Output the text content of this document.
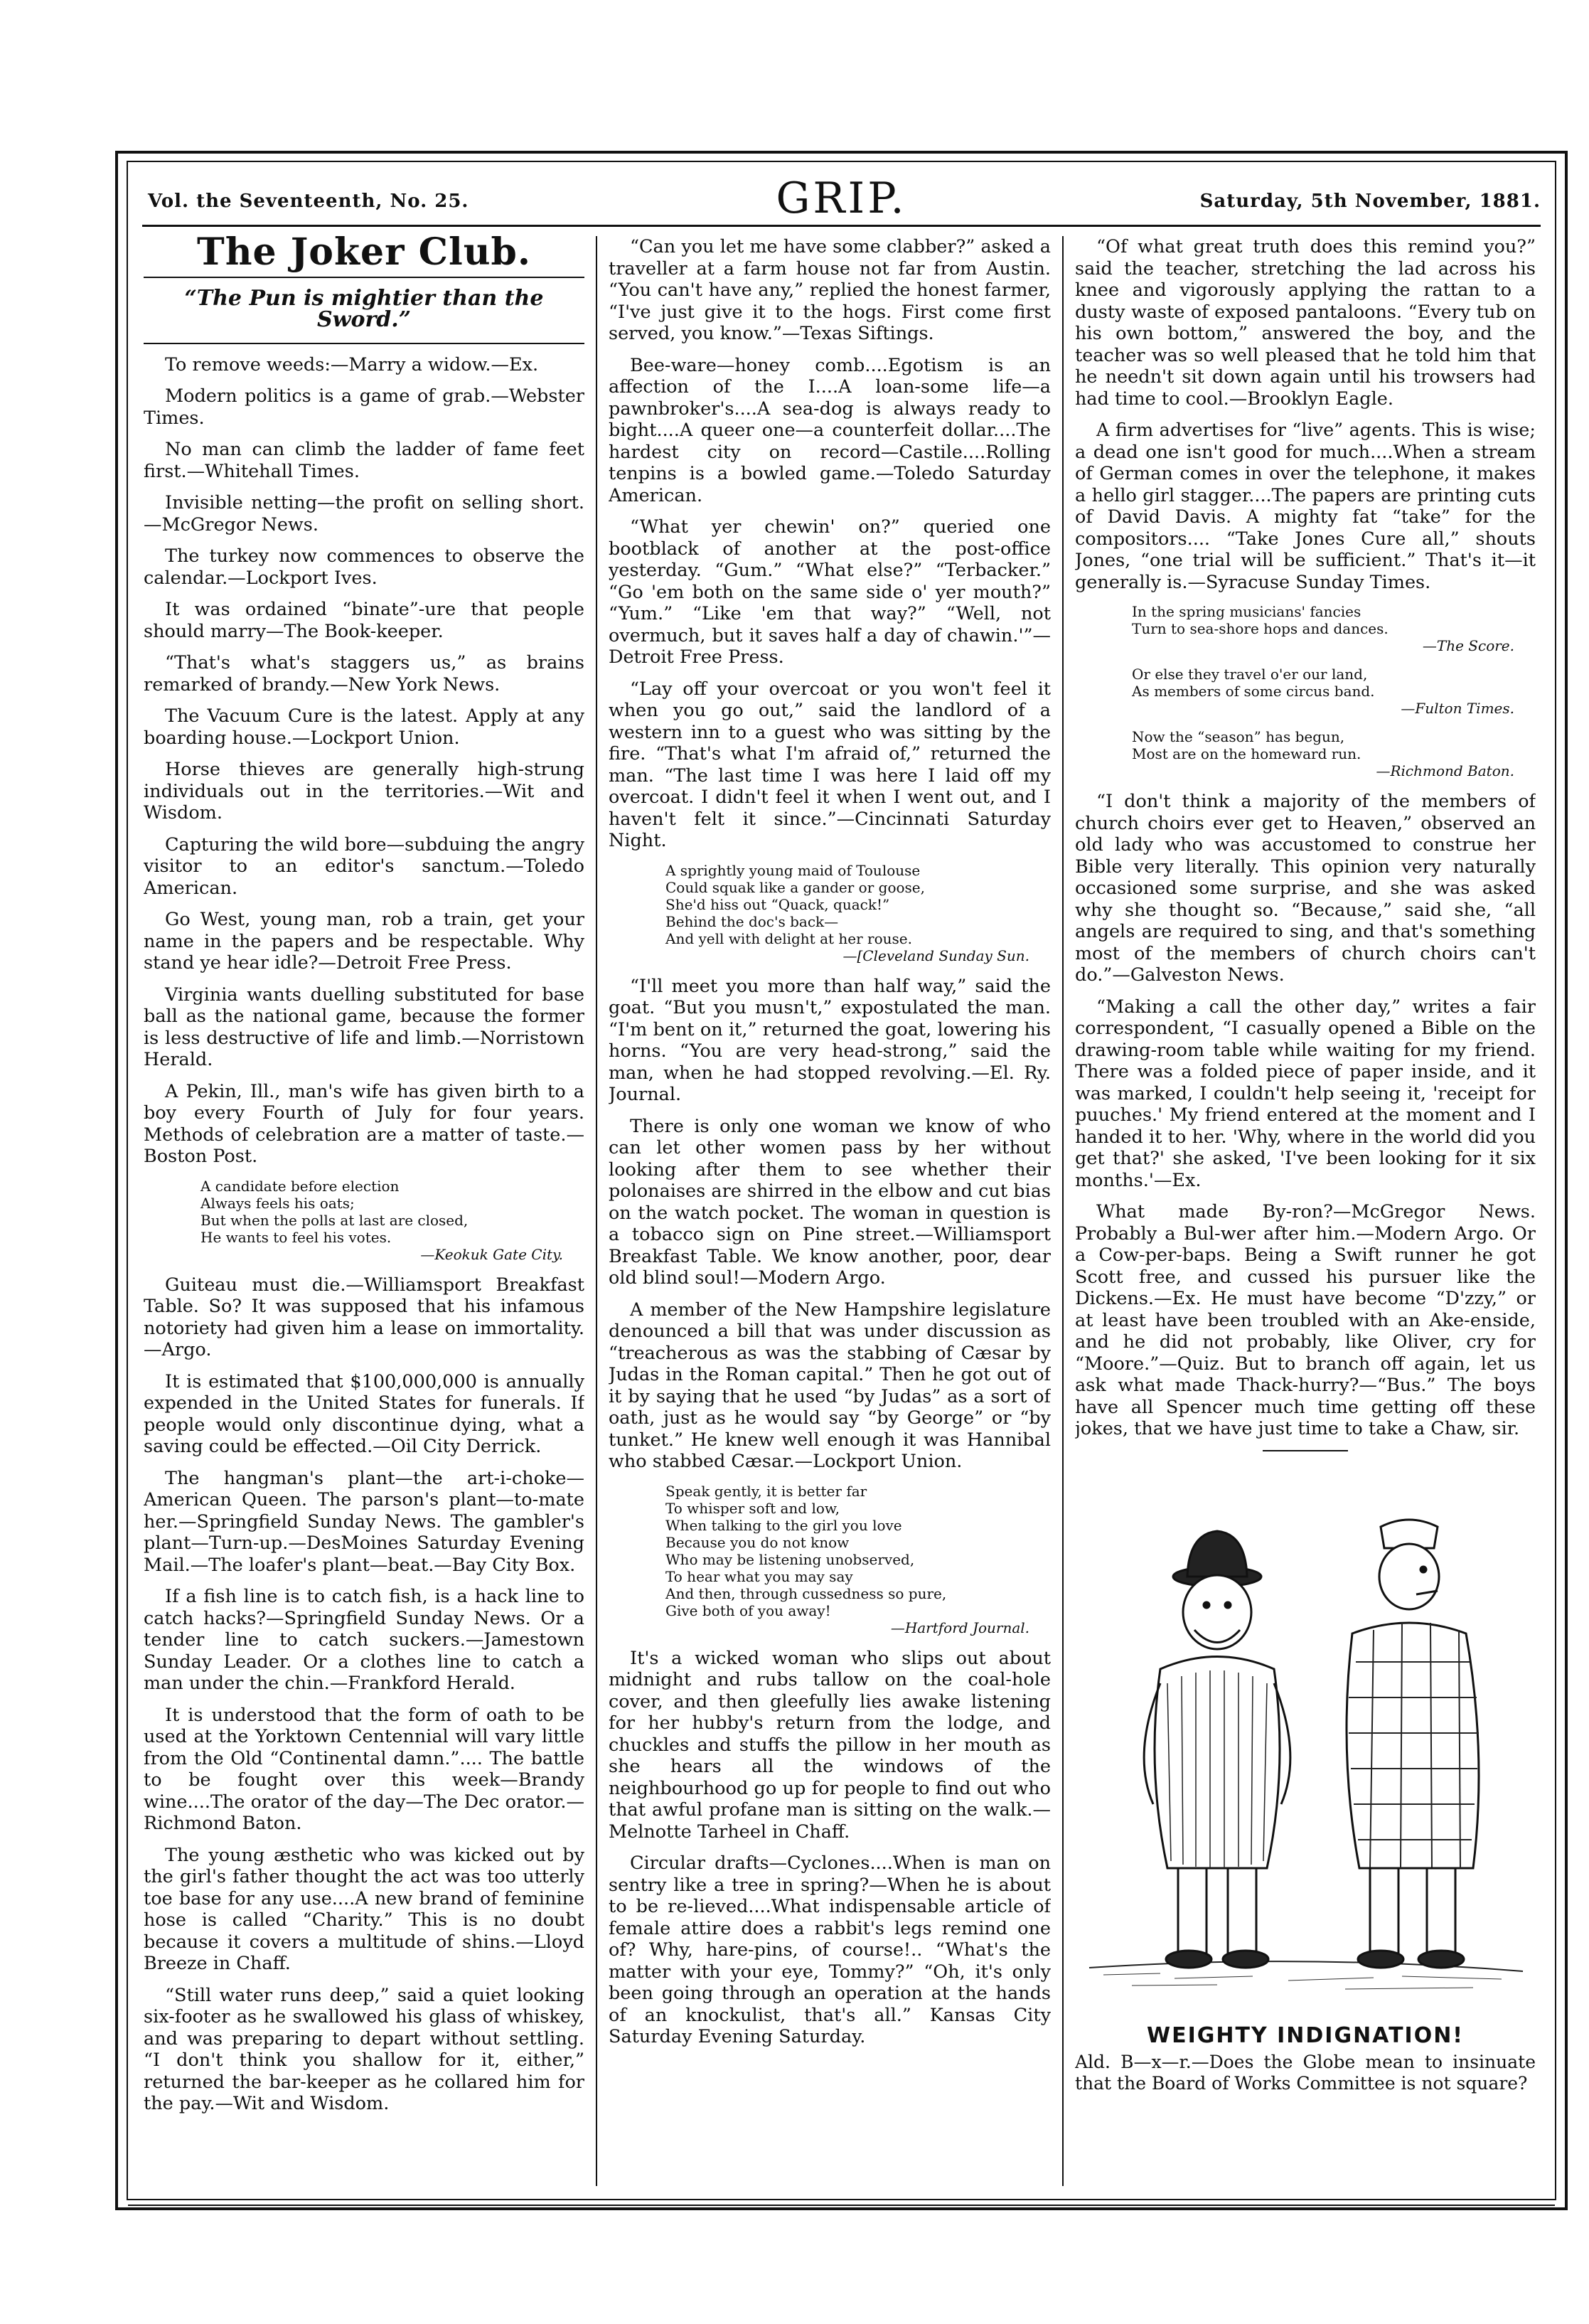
Vol. the Seventeenth, No. 25.	GRIP.	Saturday, 5th November, 1881.
The Joker Club.
“The Pun is mightier than the Sword.”

To remove weeds:—Marry a widow.—Ex.

Modern politics is a game of grab.—Webster Times.

No man can climb the ladder of fame feet first.—Whitehall Times.

Invisible netting—the profit on selling short.—McGregor News.

The turkey now commences to observe the calendar.—Lockport Ives.

It was ordained “binate”-ure that people should marry—The Book-keeper.

“That's what's staggers us,” as brains remarked of brandy.—New York News.

The Vacuum Cure is the latest. Apply at any boarding house.—Lockport Union.

Horse thieves are generally high-strung individuals out in the territories.—Wit and Wisdom.

Capturing the wild bore—subduing the angry visitor to an editor's sanctum.—Toledo American.

Go West, young man, rob a train, get your name in the papers and be respectable. Why stand ye hear idle?—Detroit Free Press.

Virginia wants duelling substituted for base ball as the national game, because the former is less destructive of life and limb.—Norristown Herald.

A Pekin, Ill., man's wife has given birth to a boy every Fourth of July for four years. Methods of celebration are a matter of taste.—Boston Post.

A candidate before election
Always feels his oats;
But when the polls at last are closed,
He wants to feel his votes.
—Keokuk Gate City.

Guiteau must die.—Williamsport Breakfast Table. So? It was supposed that his infamous notoriety had given him a lease on immortality.—Argo.

It is estimated that $100,000,000 is annually expended in the United States for funerals. If people would only discontinue dying, what a saving could be effected.—Oil City Derrick.

The hangman's plant—the art-i-choke—American Queen. The parson's plant—to-mate her.—Springfield Sunday News. The gambler's plant—Turn-up.—DesMoines Saturday Evening Mail.—The loafer's plant—beat.—Bay City Box.

If a fish line is to catch fish, is a hack line to catch hacks?—Springfield Sunday News. Or a tender line to catch suckers.—Jamestown Sunday Leader. Or a clothes line to catch a man under the chin.—Frankford Herald.

It is understood that the form of oath to be used at the Yorktown Centennial will vary little from the Old “Continental damn.”.... The battle to be fought over this week—Brandy wine....The orator of the day—The Dec orator.—Richmond Baton.

The young æsthetic who was kicked out by the girl's father thought the act was too utterly toe base for any use....A new brand of feminine hose is called “Charity.” This is no doubt because it covers a multitude of shins.—Lloyd Breeze in Chaff.

“Still water runs deep,” said a quiet looking six-footer as he swallowed his glass of whiskey, and was preparing to depart without settling. “I don't think you shallow for it, either,” returned the bar-keeper as he collared him for the pay.—Wit and Wisdom.

“Can you let me have some clabber?” asked a traveller at a farm house not far from Austin. “You can't have any,” replied the honest farmer, “I've just give it to the hogs. First come first served, you know.”—Texas Siftings.

Bee-ware—honey comb....Egotism is an affection of the I....A loan-some life—a pawnbroker's....A sea-dog is always ready to bight....A queer one—a counterfeit dollar....The hardest city on record—Castile....Rolling tenpins is a bowled game.—Toledo Saturday American.

“What yer chewin' on?” queried one bootblack of another at the post-office yesterday. “Gum.” “What else?” “Terbacker.” “Go 'em both on the same side o' yer mouth?” “Yum.” “Like 'em that way?” “Well, not overmuch, but it saves half a day of chawin.'”—Detroit Free Press.

“Lay off your overcoat or you won't feel it when you go out,” said the landlord of a western inn to a guest who was sitting by the fire. “That's what I'm afraid of,” returned the man. “The last time I was here I laid off my overcoat. I didn't feel it when I went out, and I haven't felt it since.”—Cincinnati Saturday Night.

A sprightly young maid of Toulouse
Could squak like a gander or goose,
She'd hiss out “Quack, quack!”
Behind the doc's back—
And yell with delight at her rouse.
—[Cleveland Sunday Sun.

“I'll meet you more than half way,” said the goat. “But you musn't,” expostulated the man. “I'm bent on it,” returned the goat, lowering his horns. “You are very head-strong,” said the man, when he had stopped revolving.—El. Ry. Journal.

There is only one woman we know of who can let other women pass by her without looking after them to see whether their polonaises are shirred in the elbow and cut bias on the watch pocket. The woman in question is a tobacco sign on Pine street.—Williamsport Breakfast Table. We know another, poor, dear old blind soul!—Modern Argo.

A member of the New Hampshire legislature denounced a bill that was under discussion as “treacherous as was the stabbing of Cæsar by Judas in the Roman capital.” Then he got out of it by saying that he used “by Judas” as a sort of oath, just as he would say “by George” or “by tunket.” He knew well enough it was Hannibal who stabbed Cæsar.—Lockport Union.

Speak gently, it is better far
To whisper soft and low,
When talking to the girl you love
Because you do not know
Who may be listening unobserved,
To hear what you may say
And then, through cussedness so pure,
Give both of you away!
—Hartford Journal.

It's a wicked woman who slips out about midnight and rubs tallow on the coal-hole cover, and then gleefully lies awake listening for her hubby's return from the lodge, and chuckles and stuffs the pillow in her mouth as she hears all the windows of the neighbourhood go up for people to find out who that awful profane man is sitting on the walk.—Melnotte Tarheel in Chaff.

Circular drafts—Cyclones....When is man on sentry like a tree in spring?—When he is about to be re-lieved....What indispensable article of female attire does a rabbit's legs remind one of? Why, hare-pins, of course!.. “What's the matter with your eye, Tommy?” “Oh, it's only been going through an operation at the hands of an knockulist, that's all.” Kansas City Saturday Evening Saturday.

“Of what great truth does this remind you?” said the teacher, stretching the lad across his knee and vigorously applying the rattan to a dusty waste of exposed pantaloons. “Every tub on his own bottom,” answered the boy, and the teacher was so well pleased that he told him that he needn't sit down again until his trowsers had had time to cool.—Brooklyn Eagle.

A firm advertises for “live” agents. This is wise; a dead one isn't good for much....When a stream of German comes in over the telephone, it makes a hello girl stagger....The papers are printing cuts of David Davis. A mighty fat “take” for the compositors.... “Take Jones Cure all,” shouts Jones, “one trial will be sufficient.” That's it—it generally is.—Syracuse Sunday Times.

In the spring musicians' fancies
Turn to sea-shore hops and dances.
—The Score.
Or else they travel o'er our land,
As members of some circus band.
—Fulton Times.
Now the “season” has begun,
Most are on the homeward run.
—Richmond Baton.

“I don't think a majority of the members of church choirs ever get to Heaven,” observed an old lady who was accustomed to construe her Bible very literally. This opinion very naturally occasioned some surprise, and she was asked why she thought so. “Because,” said she, “all angels are required to sing, and that's something most of the members of church choirs can't do.”—Galveston News.

“Making a call the other day,” writes a fair correspondent, “I casually opened a Bible on the drawing-room table while waiting for my friend. There was a folded piece of paper inside, and it was marked, I couldn't help seeing it, 'receipt for puuches.' My friend entered at the moment and I handed it to her. 'Why, where in the world did you get that?' she asked, 'I've been looking for it six months.'—Ex.

What made By-ron?—McGregor News. Probably a Bul-wer after him.—Modern Argo. Or a Cow-per-baps. Being a Swift runner he got Scott free, and cussed his pursuer like the Dickens.—Ex. He must have become “D'zzy,” or at least have been troubled with an Ake-enside, and he did not probably, like Oliver, cry for “Moore.”—Quiz. But to branch off again, let us ask what made Thack-hurry?—“Bus.” The boys have all Spencer much time getting off these jokes, that we have just time to take a Chaw, sir.

WEIGHTY INDIGNATION!
Ald. B—x—r.—Does the Globe mean to insinuate that the Board of Works Committee is not square?
